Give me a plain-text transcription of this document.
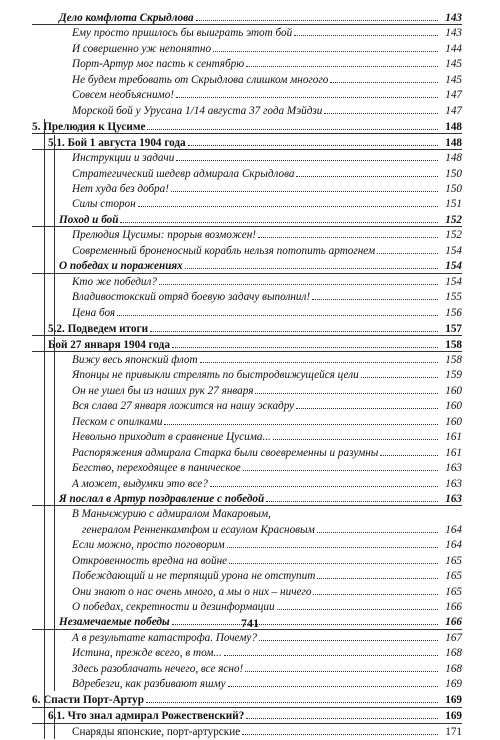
Дело комфлота Скрыдлова	143
Ему просто пришлось бы выиграть этот бой	143
И совершенно уж непонятно	144
Порт-Артур мог пасть к сентябрю	145
Не будем требовать от Скрыдлова слишком многого	145
Совсем необъяснимо!	147
Морской бой у Урусана 1/14 августа 37 года Мэйдзи	147
5. Прелюдия к Цусиме	148
5.1. Бой 1 августа 1904 года	148
Инструкции и задачи	148
Стратегический шедевр адмирала Скрыдлова	150
Нет худа без добра!	150
Силы сторон	151
Поход и бой	152
Прелюдия Цусимы: прорыв возможен!	152
Современный броненосный корабль нельзя потопить артогнем	154
О победах и поражениях	154
Кто же победил?	154
Владивостокский отряд боевую задачу выполнил!	155
Цена боя	156
5.2. Подведем итоги	157
Бой 27 января 1904 года	158
Вижу весь японский флот	158
Японцы не привыкли стрелять по быстродвижущейся цели	159
Он не ушел бы из наших рук 27 января	160
Вся слава 27 января ложится на нашу эскадру	160
Песком с опилками	160
Невольно приходит в сравнение Цусима...	161
Распоряжения адмирала Старка были своевременны и разумны	161
Бегство, переходящее в паническое	163
А может, выдумки это все?	163
Я послал в Артур поздравление с победой	163
В Маньчжурию с адмиралом Макаровым,
генералом Ренненкампфом и есаулом Красновым	164
Если можно, просто поговорим	164
Откровенность вредна на войне	165
Побеждающий и не терпящий урона не отступит	165
Они знают о нас очень много, а мы о них – ничего	165
О победах, секретности и дезинформации	166
Незамечаемые победы	166
А в результате катастрофа. Почему?	167
Истина, прежде всего, в том...	168
Здесь разоблачать нечего, все ясно!	168
Вдребезги, как разбивают яшму	169
6. Спасти Порт-Артур	169
6.1. Что знал адмирал Рожественский?	169
Снаряды японские, порт-артурские	171
741
